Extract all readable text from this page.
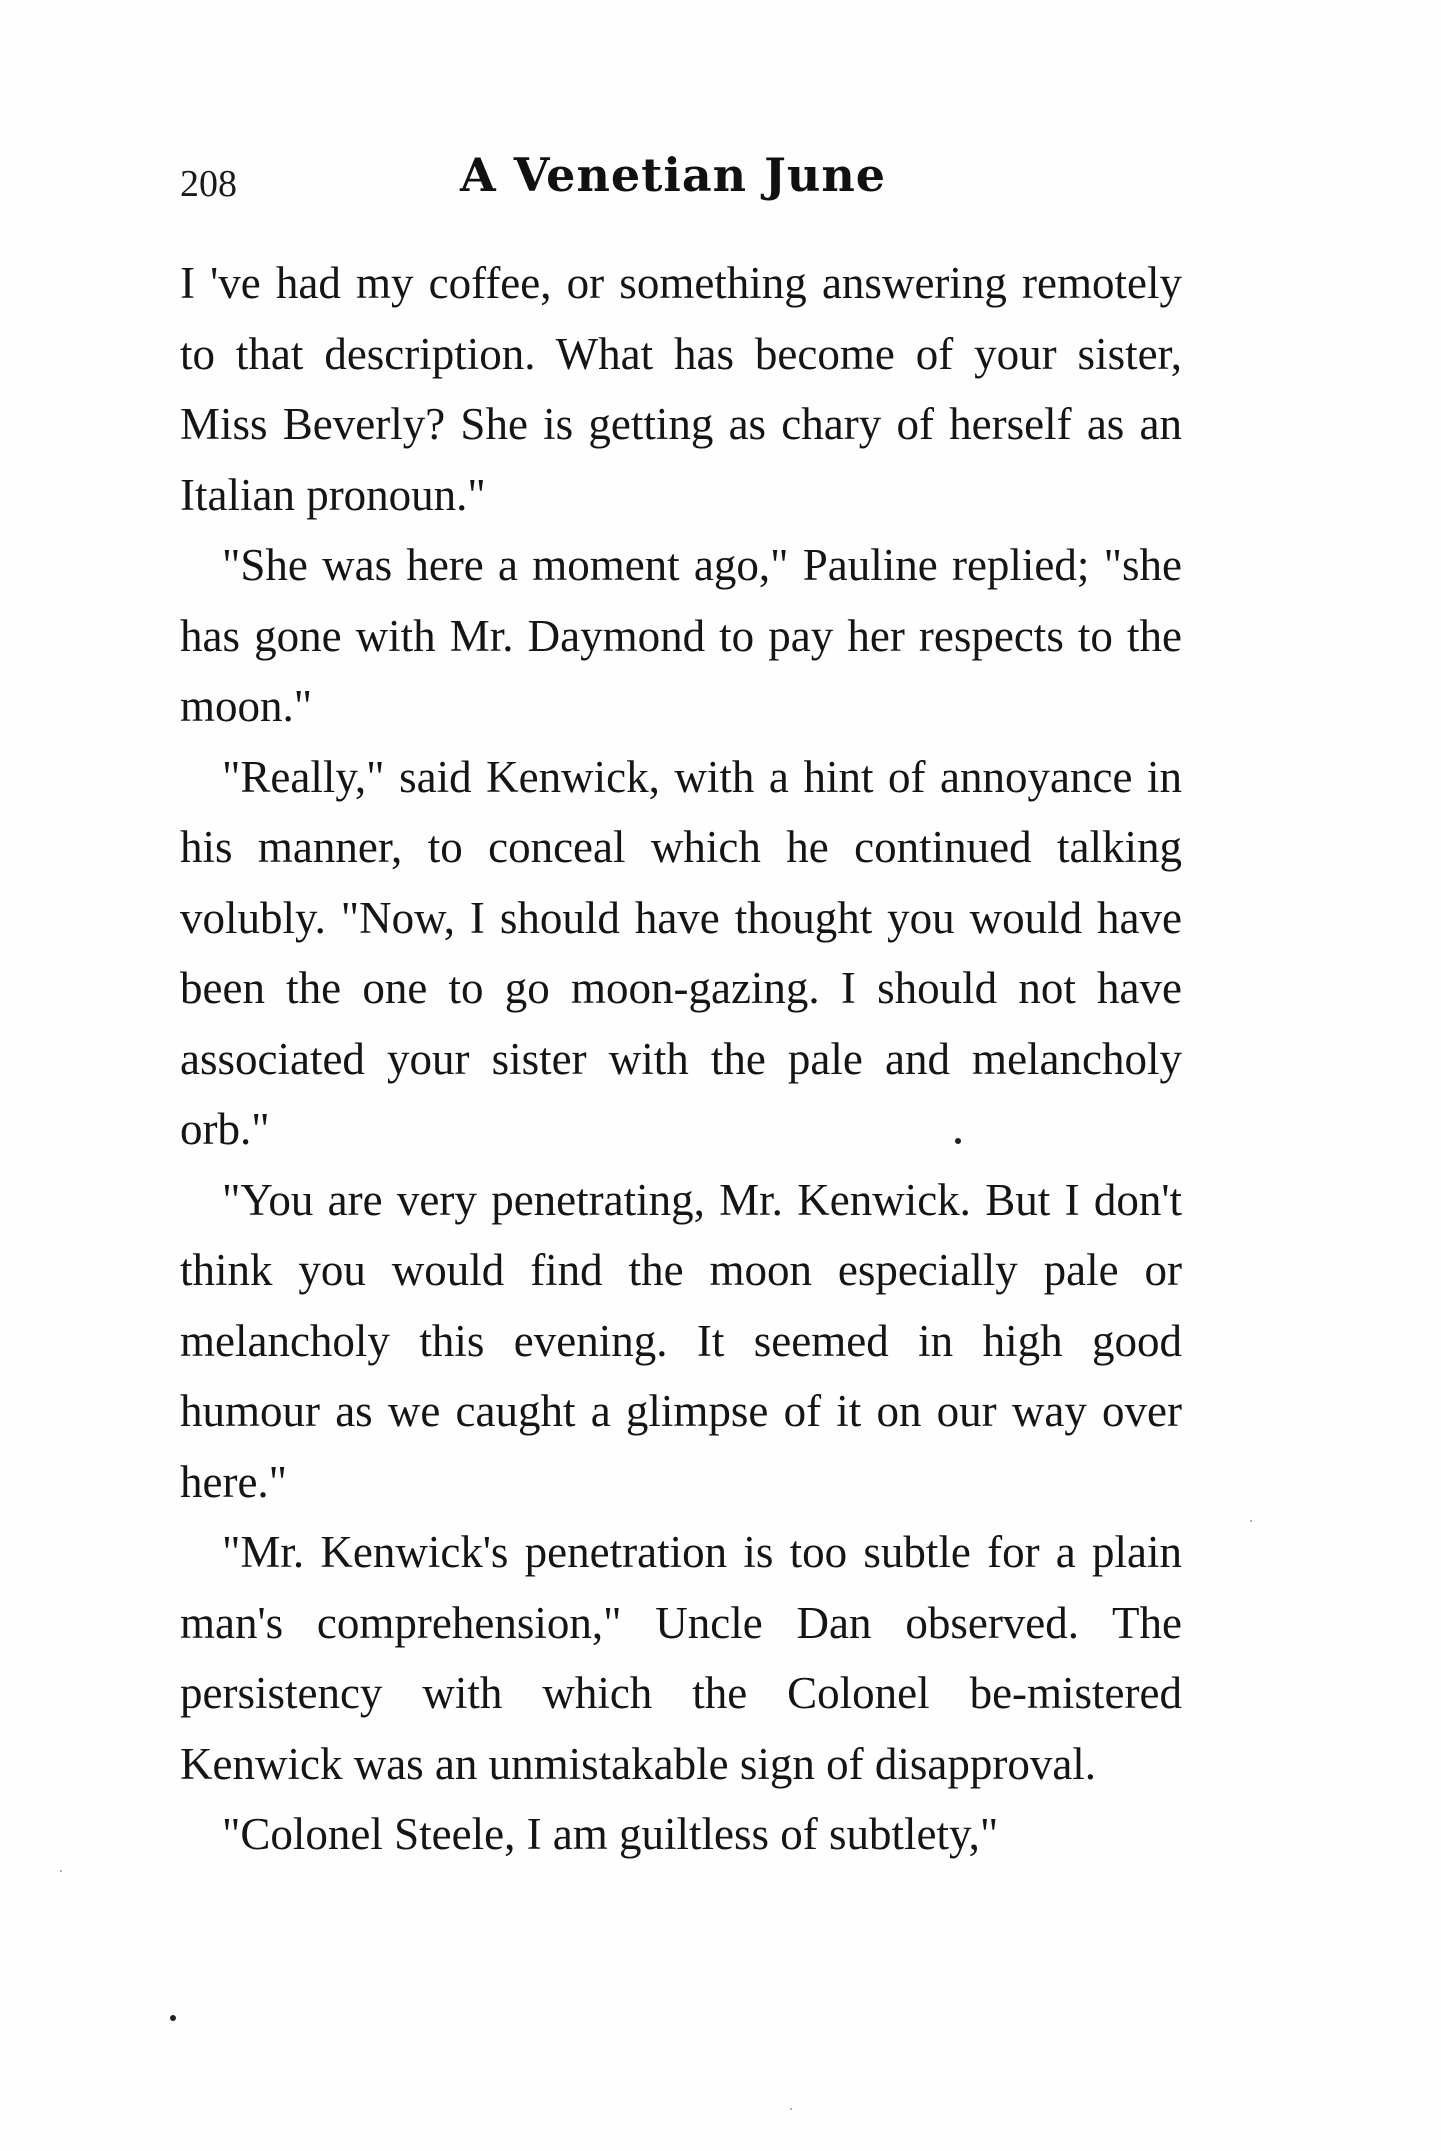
208	A Venetian June

I 've had my coffee, or something answering remotely to that description. What has become of your sister, Miss Beverly? She is getting as chary of herself as an Italian pronoun."

"She was here a moment ago," Pauline replied; "she has gone with Mr. Daymond to pay her respects to the moon."

"Really," said Kenwick, with a hint of annoyance in his manner, to conceal which he continued talking volubly. "Now, I should have thought you would have been the one to go moon-gazing. I should not have associated your sister with the pale and melancholy orb."

"You are very penetrating, Mr. Kenwick. But I don't think you would find the moon especially pale or melancholy this evening. It seemed in high good humour as we caught a glimpse of it on our way over here."

"Mr. Kenwick's penetration is too subtle for a plain man's comprehension," Uncle Dan observed. The persistency with which the Colonel be-mistered Kenwick was an unmistakable sign of disapproval.

"Colonel Steele, I am guiltless of subtlety,"
